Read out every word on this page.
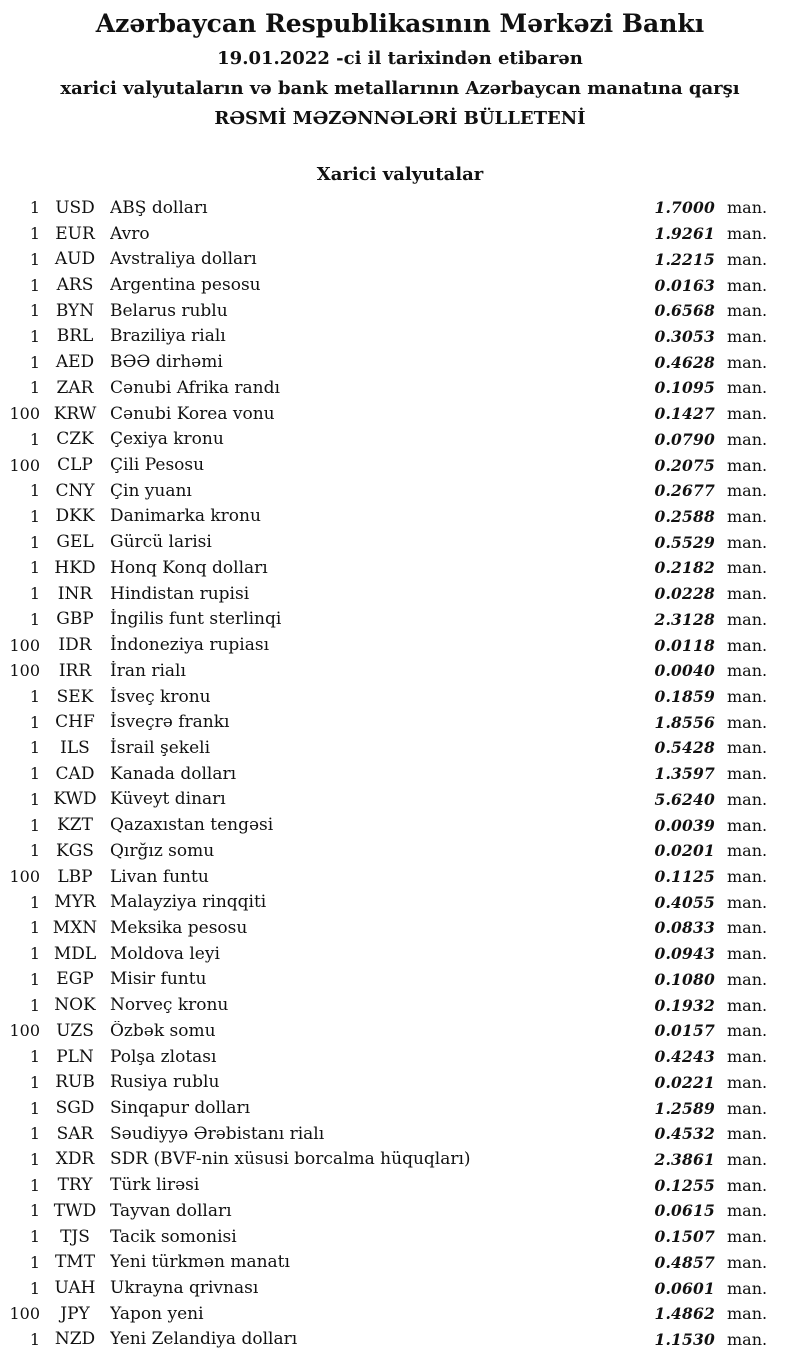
Azərbaycan Respublikasının Mərkəzi Bankı
19.01.2022 -ci il tarixindən etibarən
xarici valyutaların və bank metallarının Azərbaycan manatına qarşı
RƏSMİ MƏZƏNNƏLƏRİ BÜLLETENİ
Xarici valyutalar
1 USD ABŞ dolları	1.7000 man.
1 EUR Avro	1.9261 man.
1 AUD Avstraliya dolları	1.2215 man.
1 ARS Argentina pesosu	0.0163 man.
1 BYN Belarus rublu	0.6568 man.
1 BRL Braziliya rialı	0.3053 man.
1 AED BƏƏ dirhəmi	0.4628 man.
1 ZAR Cənubi Afrika randı	0.1095 man.
100 KRW Cənubi Korea vonu	0.1427 man.
1 CZK Çexiya kronu	0.0790 man.
100	CLP	Çili Pesosu	0.2075 man.
1 CNY Çin yuanı	0.2677 man.
1 DKK Danimarka kronu	0.2588 man.
1 GEL Gürcü larisi	0.5529 man.
1 HKD Honq Konq dolları	0.2182 man.
1	INR	Hindistan rupisi	0.0228 man.
1 GBP İngilis funt sterlinqi	2.3128 man.
100	IDR	İndoneziya rupiası	0.0118 man.
100	IRR	İran rialı	0.0040 man.
1 SEK İsveç kronu	0.1859 man.
1 CHF İsveçrə frankı	1.8556 man.
1	ILS	İsrail şekeli	0.5428 man.
1 CAD Kanada dolları	1.3597 man.
1 KWD Küveyt dinarı	5.6240 man.
1	KZT	Qazaxıstan tengəsi	0.0039 man.
1 KGS Qırğız somu	0.0201 man.
100	LBP	Livan funtu	0.1125 man.
1 MYR Malayziya rinqqiti	0.4055 man.
1 MXN Meksika pesosu	0.0833 man.
1 MDL Moldova leyi	0.0943 man.
1 EGP Misir funtu	0.1080 man.
1 NOK Norveç kronu	0.1932 man.
100 UZS Özbək somu	0.0157 man.
1 PLN Polşa zlotası	0.4243 man.
1 RUB Rusiya rublu	0.0221 man.
1 SGD Sinqapur dolları	1.2589 man.
1 SAR Səudiyyə Ərəbistanı rialı	0.4532 man.
1 XDR SDR (BVF-nin xüsusi borcalma hüquqları)	2.3861 man.
1	TRY	Türk lirəsi	0.1255 man.
1 TWD Tayvan dolları	0.0615 man.
1	TJS	Tacik somonisi	0.1507 man.
1 TMT Yeni türkmən manatı	0.4857 man.
1 UAH Ukrayna qrivnası	0.0601 man.
100	JPY	Yapon yeni	1.4862 man.
1 NZD Yeni Zelandiya dolları	1.1530 man.
